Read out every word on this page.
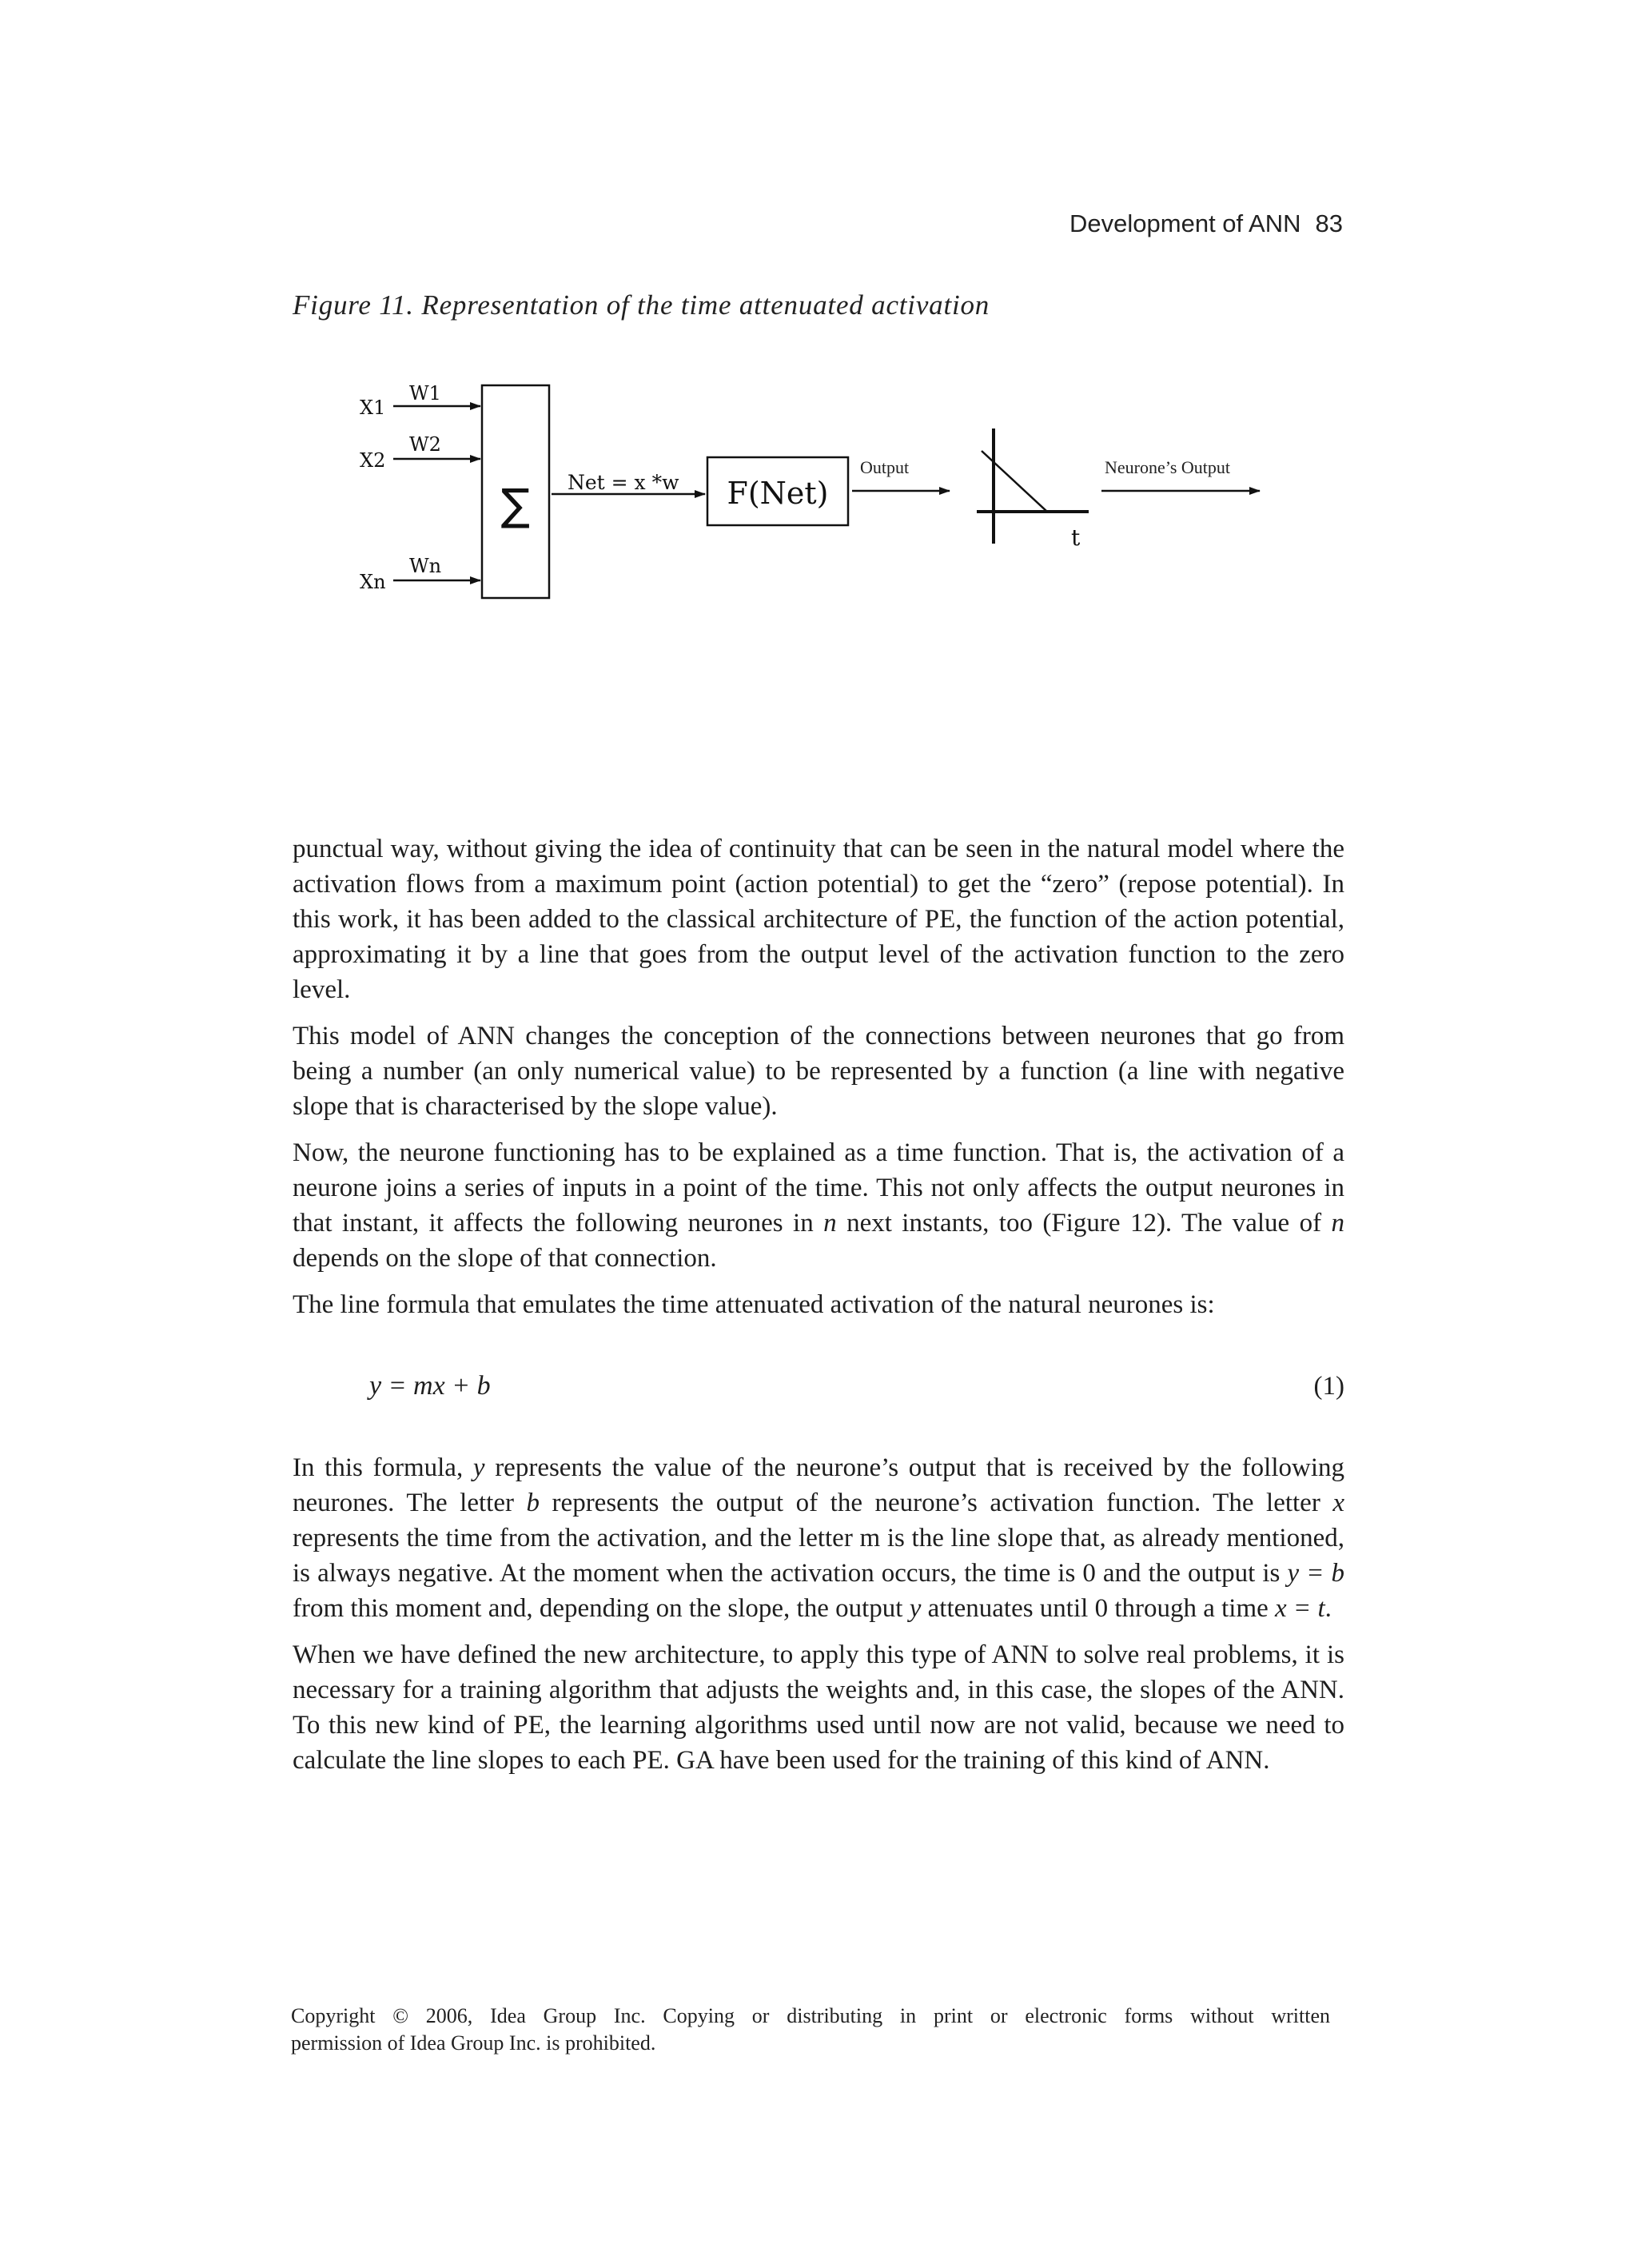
Development of ANN 83
Figure 11. Representation of the time attenuated activation
X1
W1
X2
W2
Xn
Wn
∑ Net = x *w F(Net)
Output
t
Neurone’s Output

punctual way, without giving the idea of continuity that can be seen in the natural model where the activation flows from a maximum point (action potential) to get the “zero” (repose potential). In this work, it has been added to the classical architecture of PE, the function of the action potential, approximating it by a line that goes from the output level of the activation function to the zero level.

This model of ANN changes the conception of the connections between neurones that go from being a number (an only numerical value) to be represented by a function (a line with negative slope that is characterised by the slope value).

Now, the neurone functioning has to be explained as a time function. That is, the activation of a neurone joins a series of inputs in a point of the time. This not only affects the output neurones in that instant, it affects the following neurones in n next instants, too (Figure 12). The value of n depends on the slope of that connection.

The line formula that emulates the time attenuated activation of the natural neurones is:

y = mx + b	(1)

In this formula, y represents the value of the neurone’s output that is received by the following neurones. The letter b represents the output of the neurone’s activation function. The letter x represents the time from the activation, and the letter m is the line slope that, as already mentioned, is always negative. At the moment when the activation occurs, the time is 0 and the output is y = b from this moment and, depending on the slope, the output y attenuates until 0 through a time x = t.

When we have defined the new architecture, to apply this type of ANN to solve real problems, it is necessary for a training algorithm that adjusts the weights and, in this case, the slopes of the ANN. To this new kind of PE, the learning algorithms used until now are not valid, because we need to calculate the line slopes to each PE. GA have been used for the training of this kind of ANN.

Copyright © 2006, Idea Group Inc. Copying or distributing in print or electronic forms without written
permission of Idea Group Inc. is prohibited.
